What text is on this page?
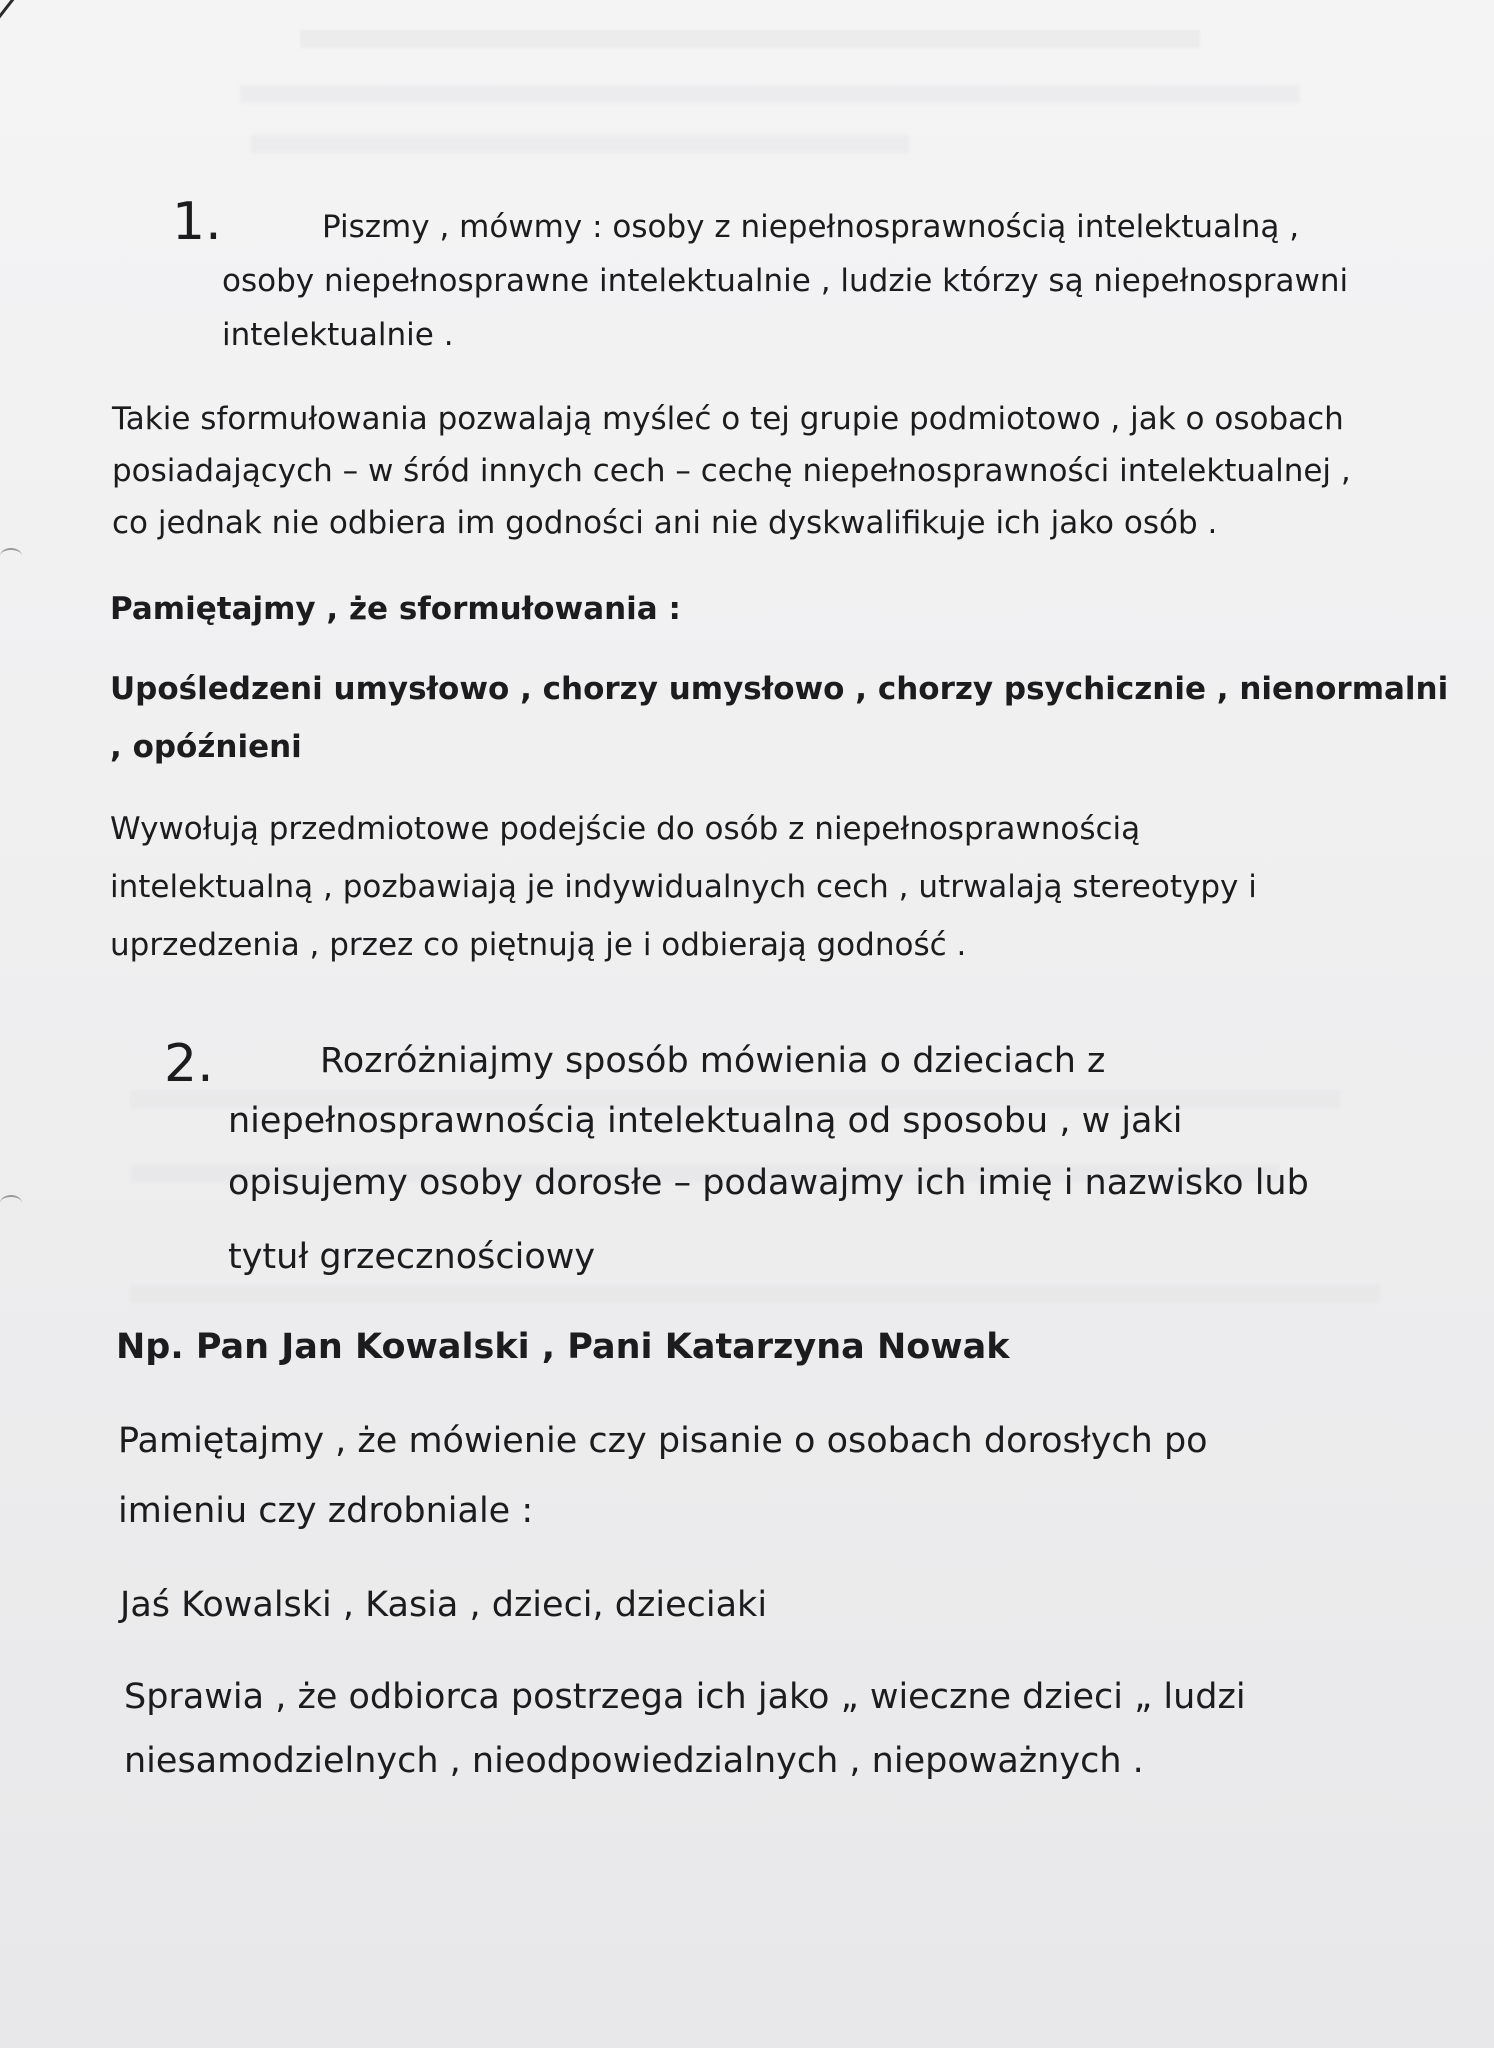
1.	Piszmy , mówmy : osoby z niepełnosprawnością intelektualną ,
osoby niepełnosprawne intelektualnie , ludzie którzy są niepełnosprawni
intelektualnie .
Takie sformułowania pozwalają myśleć o tej grupie podmiotowo , jak o osobach
posiadających – w śród innych cech – cechę niepełnosprawności intelektualnej ,
co jednak nie odbiera im godności ani nie dyskwalifikuje ich jako osób .
Pamiętajmy , że sformułowania :
Upośledzeni umysłowo , chorzy umysłowo , chorzy psychicznie , nienormalni
, opóźnieni
Wywołują przedmiotowe podejście do osób z niepełnosprawnością
intelektualną , pozbawiają je indywidualnych cech , utrwalają stereotypy i
uprzedzenia , przez co piętnują je i odbierają godność .
2.	Rozróżniajmy sposób mówienia o dzieciach z
niepełnosprawnością intelektualną od sposobu , w jaki
opisujemy osoby dorosłe – podawajmy ich imię i nazwisko lub
tytuł grzecznościowy
Np. Pan Jan Kowalski , Pani Katarzyna Nowak
Pamiętajmy , że mówienie czy pisanie o osobach dorosłych po
imieniu czy zdrobniale :
Jaś Kowalski , Kasia , dzieci, dzieciaki
Sprawia , że odbiorca postrzega ich jako „ wieczne dzieci „ ludzi
niesamodzielnych , nieodpowiedzialnych , niepoważnych .
